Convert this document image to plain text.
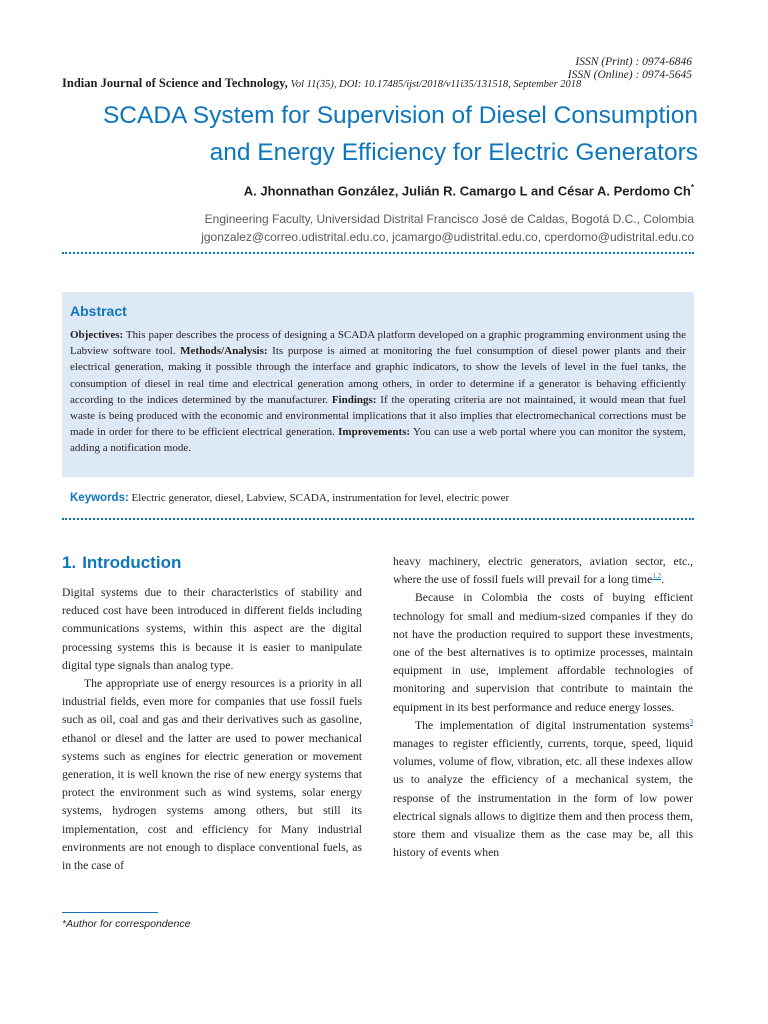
ISSN (Print) : 0974-6846
ISSN (Online) : 0974-5645
Indian Journal of Science and Technology, Vol 11(35), DOI: 10.17485/ijst/2018/v11i35/131518, September 2018
SCADA System for Supervision of Diesel Consumption
and Energy Efficiency for Electric Generators
A. Jhonnathan González, Julián R. Camargo L and César A. Perdomo Ch*
Engineering Faculty, Universidad Distrital Francisco José de Caldas, Bogotá D.C., Colombia
jgonzalez@correo.udistrital.edu.co, jcamargo@udistrital.edu.co, cperdomo@udistrital.edu.co
Abstract
Objectives: This paper describes the process of designing a SCADA platform developed on a graphic programming environment using the Labview software tool. Methods/Analysis: Its purpose is aimed at monitoring the fuel consumption of diesel power plants and their electrical generation, making it possible through the interface and graphic indicators, to show the levels of level in the fuel tanks, the consumption of diesel in real time and electrical generation among others, in order to determine if a generator is behaving efficiently according to the indices determined by the manufacturer. Findings: If the operating criteria are not maintained, it would mean that fuel waste is being produced with the economic and environmental implications that it also implies that electromechanical corrections must be made in order for there to be efficient electrical generation. Improvements: You can use a web portal where you can monitor the system, adding a notification mode.
Keywords: Electric generator, diesel, Labview, SCADA, instrumentation for level, electric power
1. Introduction

Digital systems due to their characteristics of stability and reduced cost have been introduced in different fields including communications systems, within this aspect are the digital processing systems this is because it is easier to manipulate digital type signals than analog type.

The appropriate use of energy resources is a priority in all industrial fields, even more for companies that use fossil fuels such as oil, coal and gas and their derivatives such as gasoline, ethanol or diesel and the latter are used to power mechanical systems such as engines for electric generation or movement generation, it is well known the rise of new energy systems that protect the environment such as wind systems, solar energy systems, hydrogen systems among others, but still its implementation, cost and efficiency for Many industrial environments are not enough to displace conventional fuels, as in the case of

heavy machinery, electric generators, aviation sector, etc., where the use of fossil fuels will prevail for a long time$^{1,2}$.

Because in Colombia the costs of buying efficient technology for small and medium-sized companies if they do not have the production required to support these investments, one of the best alternatives is to optimize processes, maintain equipment in use, implement affordable technologies of monitoring and supervision that contribute to maintain the equipment in its best performance and reduce energy losses.

The implementation of digital instrumentation systems$^3$ manages to register efficiently, currents, torque, speed, liquid volumes, volume of flow, vibration, etc. all these indexes allow us to analyze the efficiency of a mechanical system, the response of the instrumentation in the form of low power electrical signals allows to digitize them and then process them, store them and visualize them as the case may be, all this history of events when

*Author for correspondence
